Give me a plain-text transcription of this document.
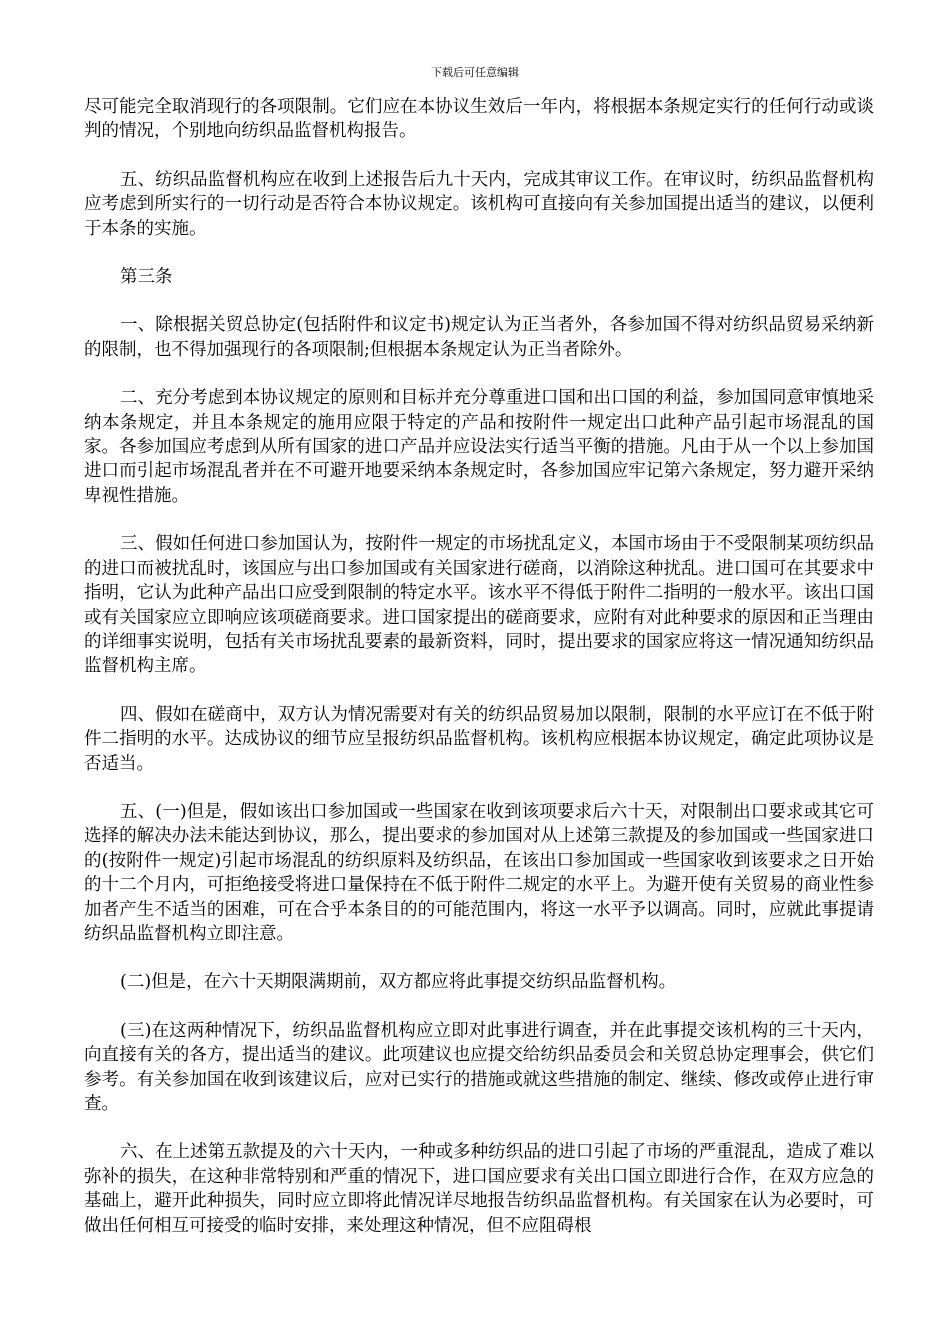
下载后可任意编辑

尽可能完全取消现行的各项限制。它们应在本协议生效后一年内，将根据本条规定实行的任何行动或谈判的情况，个别地向纺织品监督机构报告。

五、纺织品监督机构应在收到上述报告后九十天内，完成其审议工作。在审议时，纺织品监督机构应考虑到所实行的一切行动是否符合本协议规定。该机构可直接向有关参加国提出适当的建议，以便利于本条的实施。

第三条

一、除根据关贸总协定(包括附件和议定书)规定认为正当者外，各参加国不得对纺织品贸易采纳新的限制，也不得加强现行的各项限制;但根据本条规定认为正当者除外。

二、充分考虑到本协议规定的原则和目标并充分尊重进口国和出口国的利益，参加国同意审慎地采纳本条规定，并且本条规定的施用应限于特定的产品和按附件一规定出口此种产品引起市场混乱的国家。各参加国应考虑到从所有国家的进口产品并应设法实行适当平衡的措施。凡由于从一个以上参加国进口而引起市场混乱者并在不可避开地要采纳本条规定时，各参加国应牢记第六条规定，努力避开采纳卑视性措施。

三、假如任何进口参加国认为，按附件一规定的市场扰乱定义，本国市场由于不受限制某项纺织品的进口而被扰乱时，该国应与出口参加国或有关国家进行磋商，以消除这种扰乱。进口国可在其要求中指明，它认为此种产品出口应受到限制的特定水平。该水平不得低于附件二指明的一般水平。该出口国或有关国家应立即响应该项磋商要求。进口国家提出的磋商要求，应附有对此种要求的原因和正当理由的详细事实说明，包括有关市场扰乱要素的最新资料，同时，提出要求的国家应将这一情况通知纺织品监督机构主席。

四、假如在磋商中，双方认为情况需要对有关的纺织品贸易加以限制，限制的水平应订在不低于附件二指明的水平。达成协议的细节应呈报纺织品监督机构。该机构应根据本协议规定，确定此项协议是否适当。

五、(一)但是，假如该出口参加国或一些国家在收到该项要求后六十天，对限制出口要求或其它可选择的解决办法未能达到协议，那么，提出要求的参加国对从上述第三款提及的参加国或一些国家进口的(按附件一规定)引起市场混乱的纺织原料及纺织品，在该出口参加国或一些国家收到该要求之日开始的十二个月内，可拒绝接受将进口量保持在不低于附件二规定的水平上。为避开使有关贸易的商业性参加者产生不适当的困难，可在合乎本条目的的可能范围内，将这一水平予以调高。同时，应就此事提请纺织品监督机构立即注意。

(二)但是，在六十天期限满期前，双方都应将此事提交纺织品监督机构。

(三)在这两种情况下，纺织品监督机构应立即对此事进行调查，并在此事提交该机构的三十天内，向直接有关的各方，提出适当的建议。此项建议也应提交给纺织品委员会和关贸总协定理事会，供它们参考。有关参加国在收到该建议后，应对已实行的措施或就这些措施的制定、继续、修改或停止进行审查。

六、在上述第五款提及的六十天内，一种或多种纺织品的进口引起了市场的严重混乱，造成了难以弥补的损失，在这种非常特别和严重的情况下，进口国应要求有关出口国立即进行合作，在双方应急的基础上，避开此种损失，同时应立即将此情况详尽地报告纺织品监督机构。有关国家在认为必要时，可做出任何相互可接受的临时安排，来处理这种情况，但不应阻碍根
